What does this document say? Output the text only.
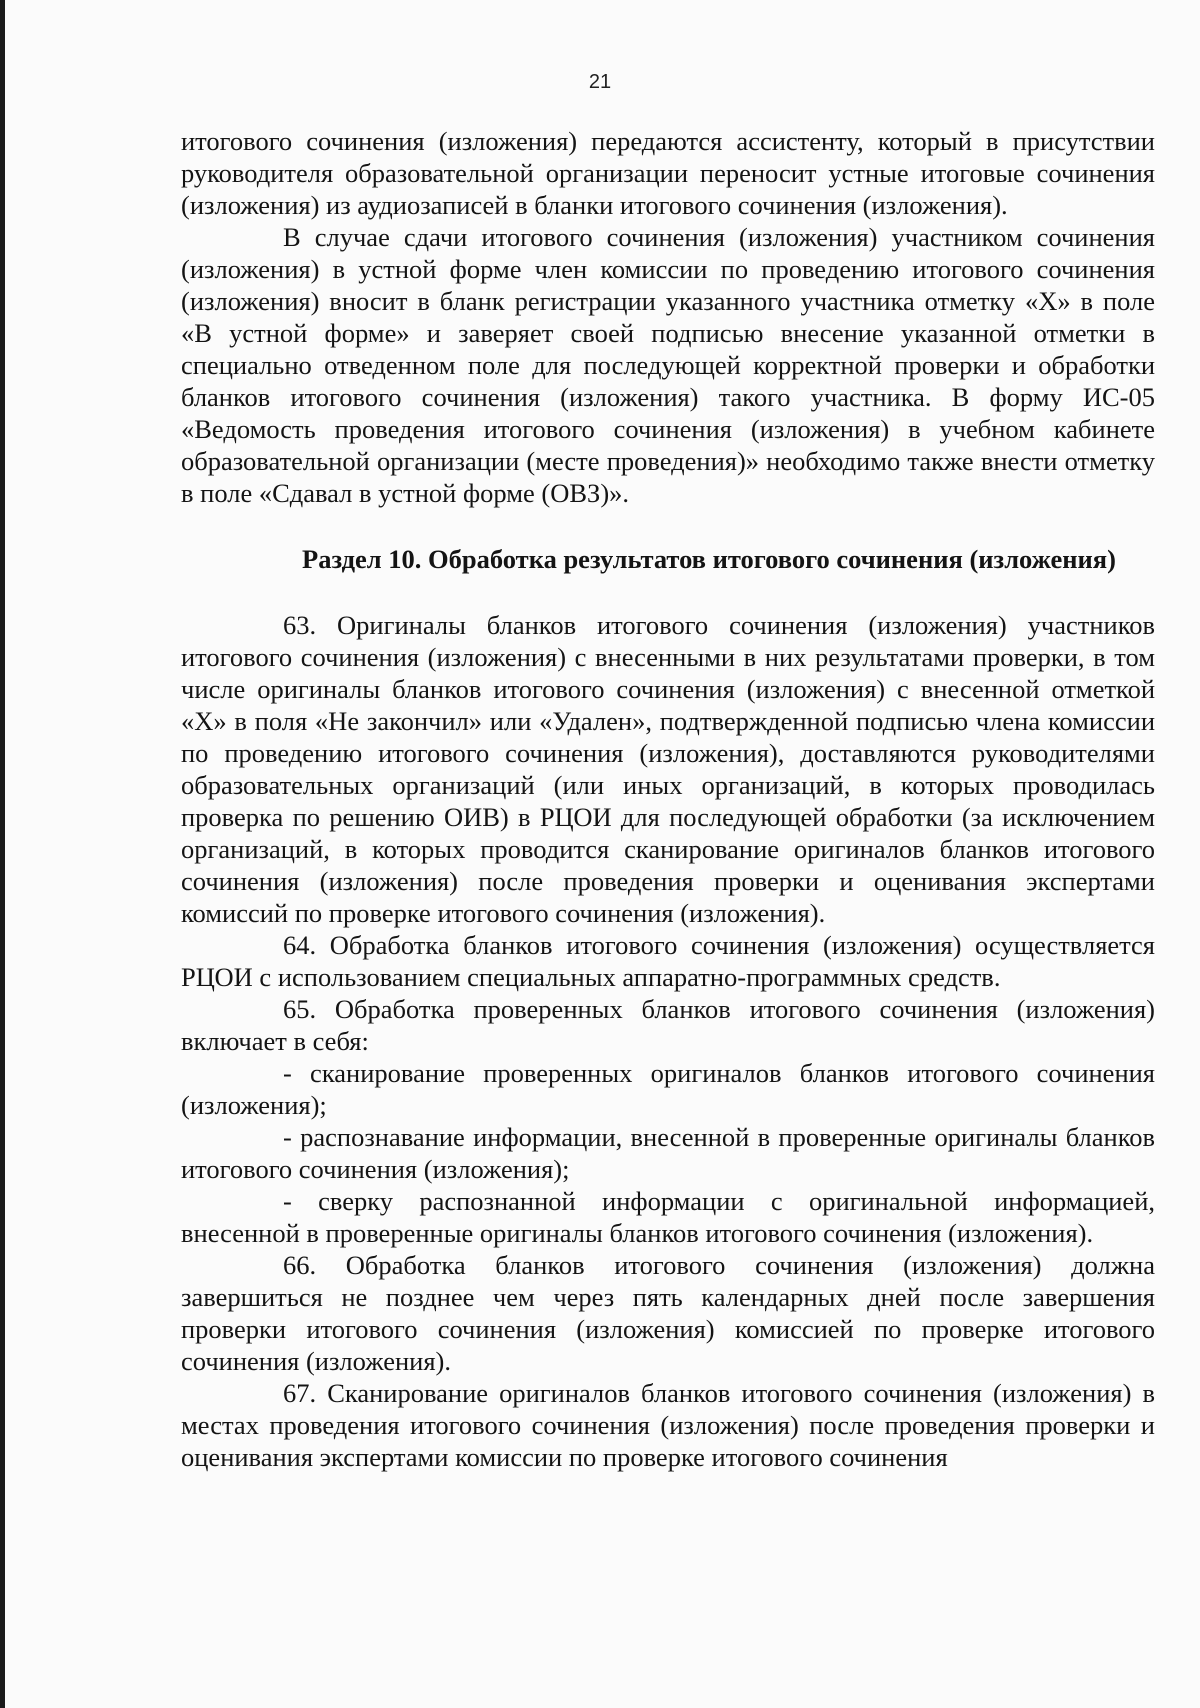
21

итогового сочинения (изложения) передаются ассистенту, который в присутствии руководителя образовательной организации переносит устные итоговые сочинения (изложения) из аудиозаписей в бланки итогового сочинения (изложения).

В случае сдачи итогового сочинения (изложения) участником сочинения (изложения) в устной форме член комиссии по проведению итогового сочинения (изложения) вносит в бланк регистрации указанного участника отметку «Х» в поле «В устной форме» и заверяет своей подписью внесение указанной отметки в специально отведенном поле для последующей корректной проверки и обработки бланков итогового сочинения (изложения) такого участника. В форму ИС-05 «Ведомость проведения итогового сочинения (изложения) в учебном кабинете образовательной организации (месте проведения)» необходимо также внести отметку в поле «Сдавал в устной форме (ОВЗ)».

Раздел 10. Обработка результатов итогового сочинения (изложения)

63. Оригиналы бланков итогового сочинения (изложения) участников итогового сочинения (изложения) с внесенными в них результатами проверки, в том числе оригиналы бланков итогового сочинения (изложения) с внесенной отметкой «Х» в поля «Не закончил» или «Удален», подтвержденной подписью члена комиссии по проведению итогового сочинения (изложения), доставляются руководителями образовательных организаций (или иных организаций, в которых проводилась проверка по решению ОИВ) в РЦОИ для последующей обработки (за исключением организаций, в которых проводится сканирование оригиналов бланков итогового сочинения (изложения) после проведения проверки и оценивания экспертами комиссий по проверке итогового сочинения (изложения).

64. Обработка бланков итогового сочинения (изложения) осуществляется РЦОИ с использованием специальных аппаратно-программных средств.

65. Обработка проверенных бланков итогового сочинения (изложения) включает в себя:

- сканирование проверенных оригиналов бланков итогового сочинения (изложения);

- распознавание информации, внесенной в проверенные оригиналы бланков итогового сочинения (изложения);

- сверку распознанной информации с оригинальной информацией, внесенной в проверенные оригиналы бланков итогового сочинения (изложения).

66. Обработка бланков итогового сочинения (изложения) должна завершиться не позднее чем через пять календарных дней после завершения проверки итогового сочинения (изложения) комиссией по проверке итогового сочинения (изложения).

67. Сканирование оригиналов бланков итогового сочинения (изложения) в местах проведения итогового сочинения (изложения) после проведения проверки и оценивания экспертами комиссии по проверке итогового сочинения
